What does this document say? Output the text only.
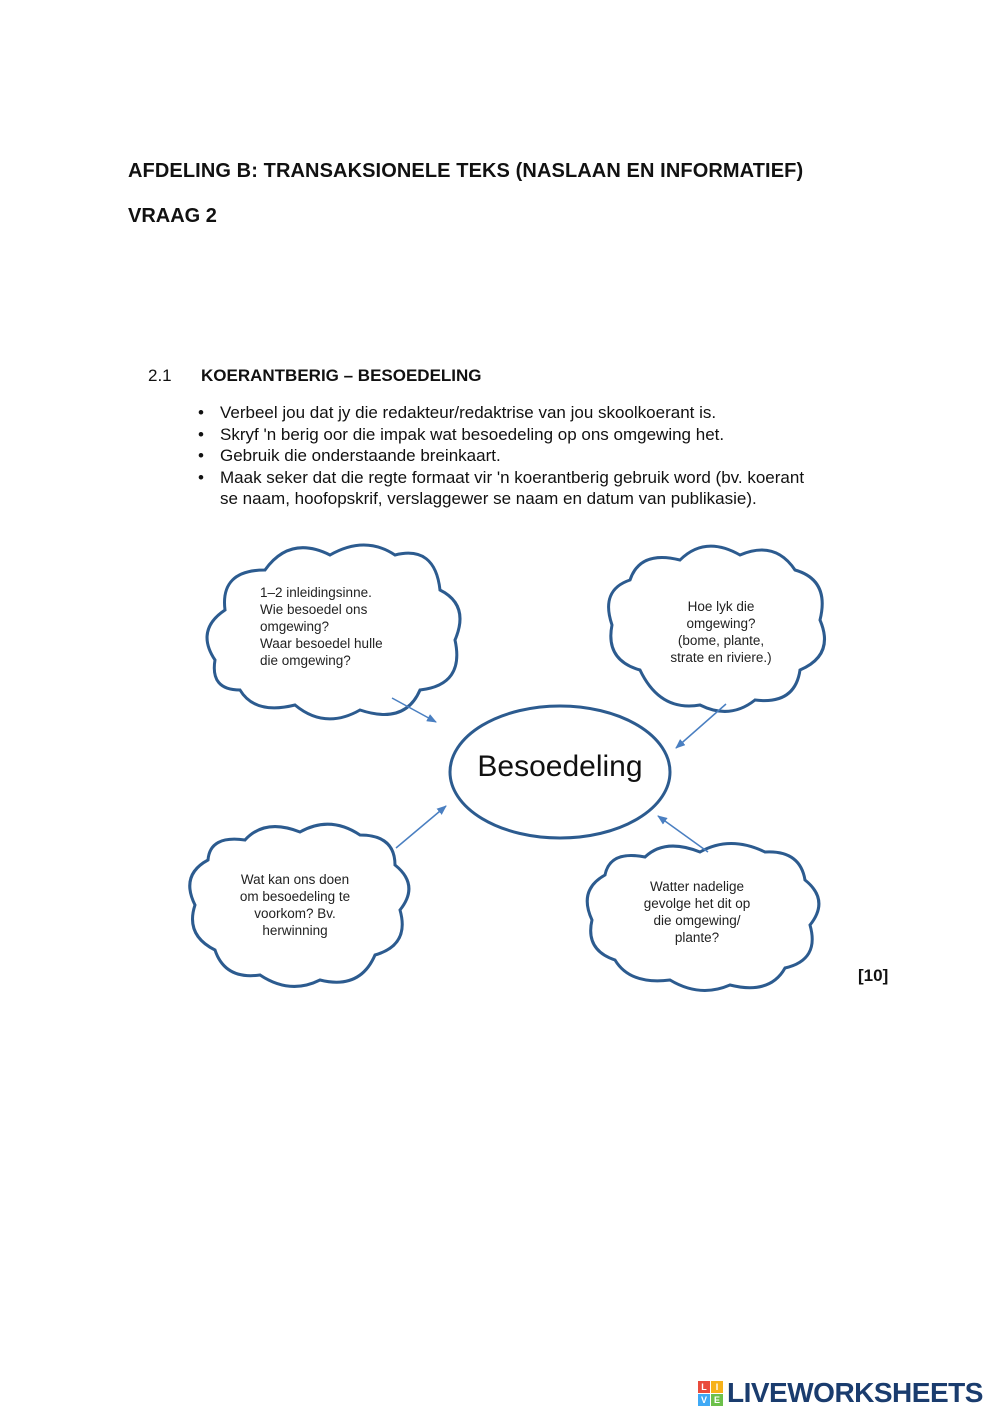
AFDELING B: TRANSAKSIONELE TEKS (NASLAAN EN INFORMATIEF)
VRAAG 2
2.1 KOERANTBERIG – BESOEDELING
• Verbeel jou dat jy die redakteur/redaktrise van jou skoolkoerant is.
• Skryf 'n berig oor die impak wat besoedeling op ons omgewing het.
• Gebruik die onderstaande breinkaart.
• Maak seker dat die regte formaat vir 'n koerantberig gebruik word (bv. koerant se naam, hoofopskrif, verslaggewer se naam en datum van publikasie).
1–2 inleidingsinne.
Wie besoedel ons
omgewing?
Waar besoedel hulle
die omgewing?
Hoe lyk die
omgewing?
(bome, plante,
strate en riviere.)
Wat kan ons doen
om besoedeling te
voorkom? Bv.
herwinning
Watter nadelige
gevolge het dit op
die omgewing/
plante?
Besoedeling
[10]
L I
V E LIVEWORKSHEETS
